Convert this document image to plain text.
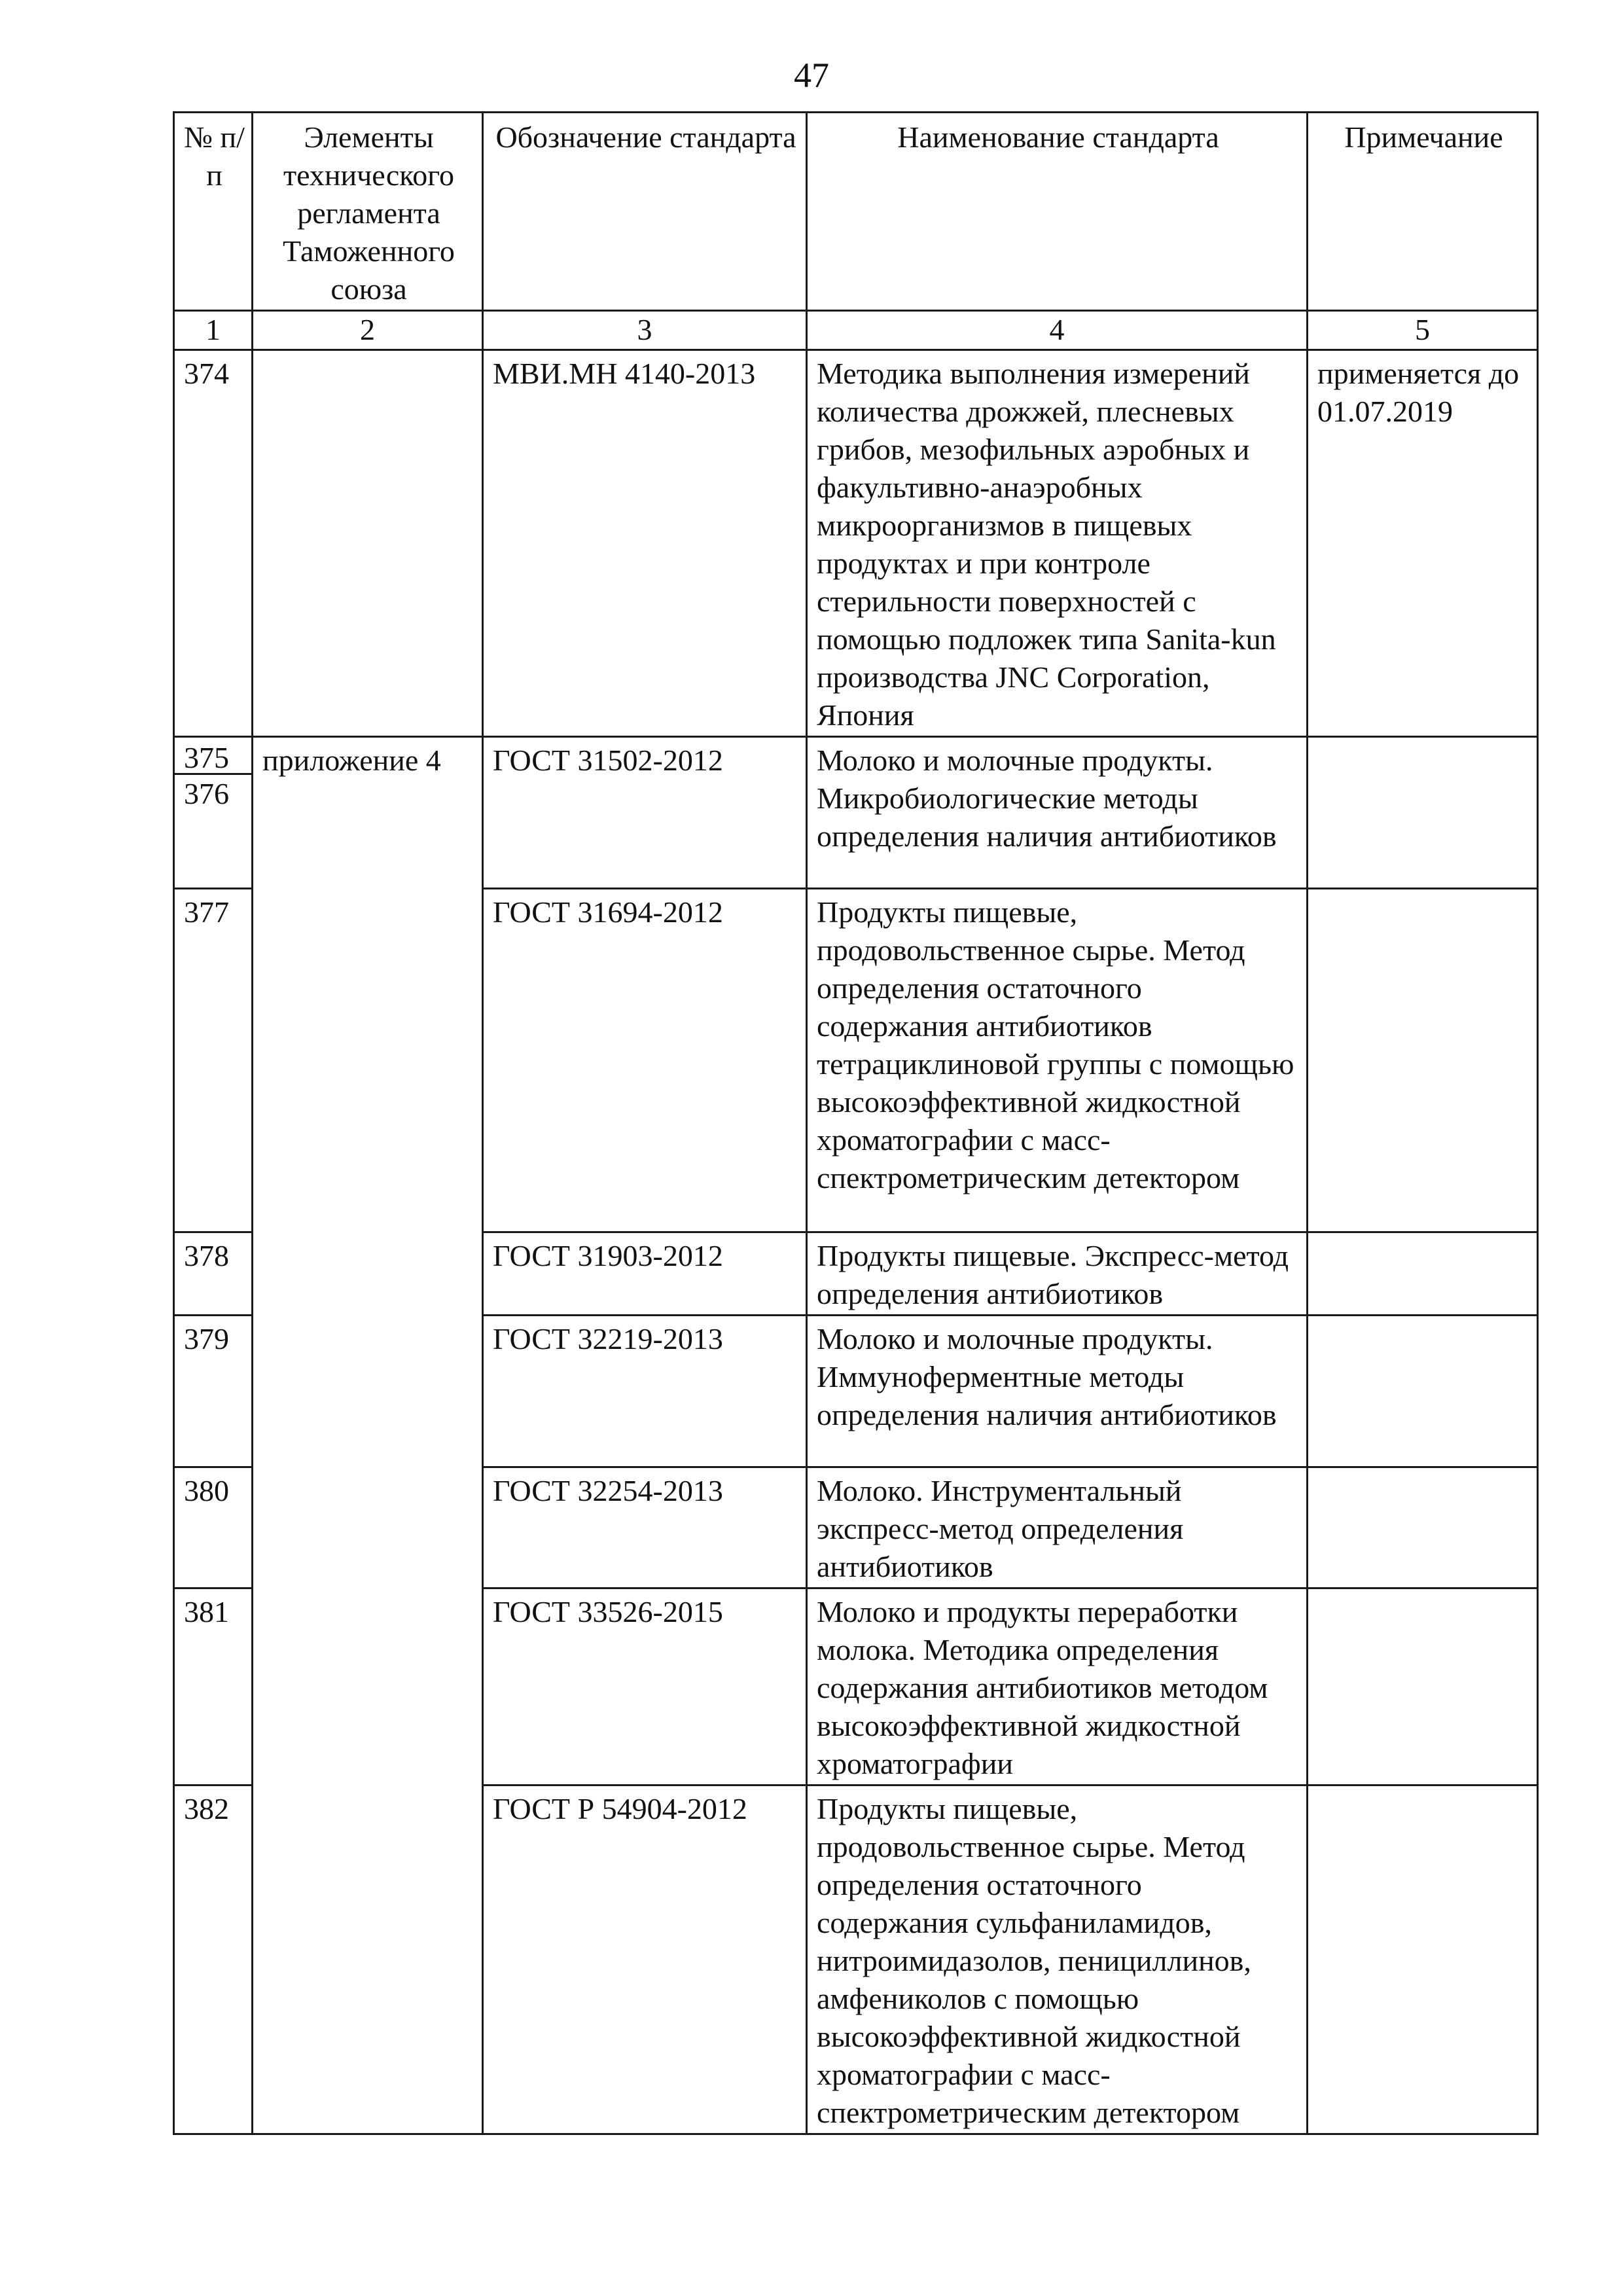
47
№ п/п	Элементы технического регламента Таможенного союза	Обозначение стандарта	Наименование стандарта	Примечание
1	2	3	4	5
374		МВИ.МН 4140-2013	Методика выполнения измерений количества дрожжей, плесневых грибов, мезофильных аэробных и факультивно-анаэробных микроорганизмов в пищевых продуктах и при контроле стерильности поверхностей с помощью подложек типа Sanita-kun производства JNC Corporation, Япония	применяется до 01.07.2019

375
376	приложение 4	ГОСТ 31502-2012	Молоко и молочные продукты. Микробиологические методы определения наличия антибиотиков	
377		ГОСТ 31694-2012	Продукты пищевые, продовольственное сырье. Метод определения остаточного содержания антибиотиков тетрациклиновой группы с помощью высокоэффективной жидкостной хроматографии с масс-спектрометрическим детектором	
378		ГОСТ 31903-2012	Продукты пищевые. Экспресс-метод определения антибиотиков	
379		ГОСТ 32219-2013	Молоко и молочные продукты. Иммуноферментные методы определения наличия антибиотиков	
380		ГОСТ 32254-2013	Молоко. Инструментальный экспресс-метод определения антибиотиков	
381		ГОСТ 33526-2015	Молоко и продукты переработки молока. Методика определения содержания антибиотиков методом высокоэффективной жидкостной хроматографии	
382		ГОСТ Р 54904-2012	Продукты пищевые, продовольственное сырье. Метод определения остаточного содержания сульфаниламидов, нитроимидазолов, пенициллинов, амфениколов с помощью высокоэффективной жидкостной хроматографии с масс-спектрометрическим детектором	
